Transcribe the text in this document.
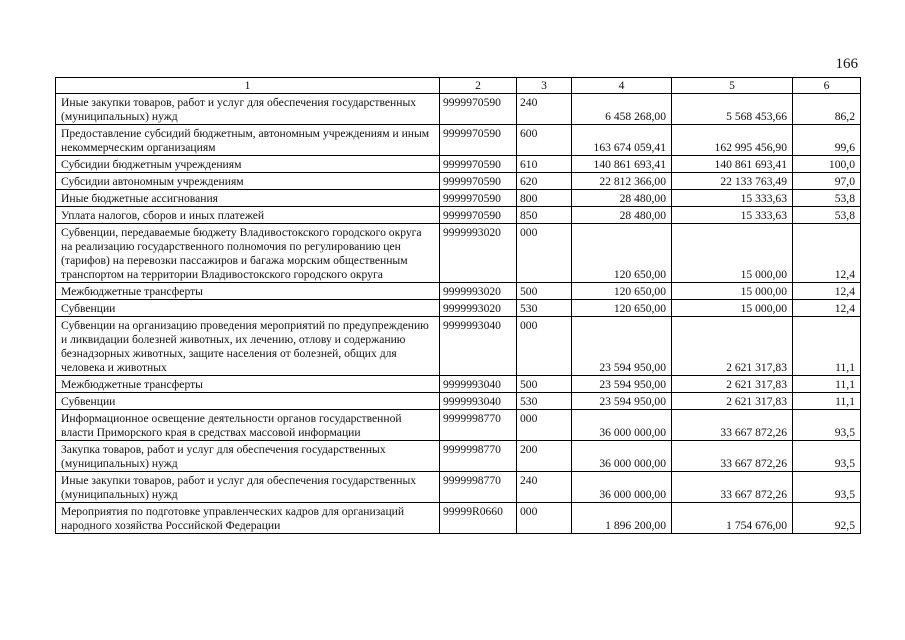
166
1	2	3	4	5	6
Иные закупки товаров, работ и услуг для обеспечения государственных (муниципальных) нужд	9999970590	240	6 458 268,00	5 568 453,66	86,2
Предоставление субсидий бюджетным, автономным учреждениям и иным некоммерческим организациям	9999970590	600	163 674 059,41	162 995 456,90	99,6
Субсидии бюджетным учреждениям	9999970590	610	140 861 693,41	140 861 693,41	100,0
Субсидии автономным учреждениям	9999970590	620	22 812 366,00	22 133 763,49	97,0
Иные бюджетные ассигнования	9999970590	800	28 480,00	15 333,63	53,8
Уплата налогов, сборов и иных платежей	9999970590	850	28 480,00	15 333,63	53,8
Субвенции, передаваемые бюджету Владивостокского городского округа на реализацию государственного полномочия по регулированию цен (тарифов) на перевозки пассажиров и багажа морским общественным транспортом на территории Владивостокского городского округа	9999993020	000	120 650,00	15 000,00	12,4
Межбюджетные трансферты	9999993020	500	120 650,00	15 000,00	12,4
Субвенции	9999993020	530	120 650,00	15 000,00	12,4
Субвенции на организацию проведения мероприятий по предупреждению и ликвидации болезней животных, их лечению, отлову и содержанию безнадзорных животных, защите населения от болезней, общих для человека и животных	9999993040	000	23 594 950,00	2 621 317,83	11,1
Межбюджетные трансферты	9999993040	500	23 594 950,00	2 621 317,83	11,1
Субвенции	9999993040	530	23 594 950,00	2 621 317,83	11,1
Информационное освещение деятельности органов государственной власти Приморского края в средствах массовой информации	9999998770	000	36 000 000,00	33 667 872,26	93,5
Закупка товаров, работ и услуг для обеспечения государственных (муниципальных) нужд	9999998770	200	36 000 000,00	33 667 872,26	93,5
Иные закупки товаров, работ и услуг для обеспечения государственных (муниципальных) нужд	9999998770	240	36 000 000,00	33 667 872,26	93,5
Мероприятия по подготовке управленческих кадров для организаций народного хозяйства Российской Федерации	99999R0660	000	1 896 200,00	1 754 676,00	92,5
